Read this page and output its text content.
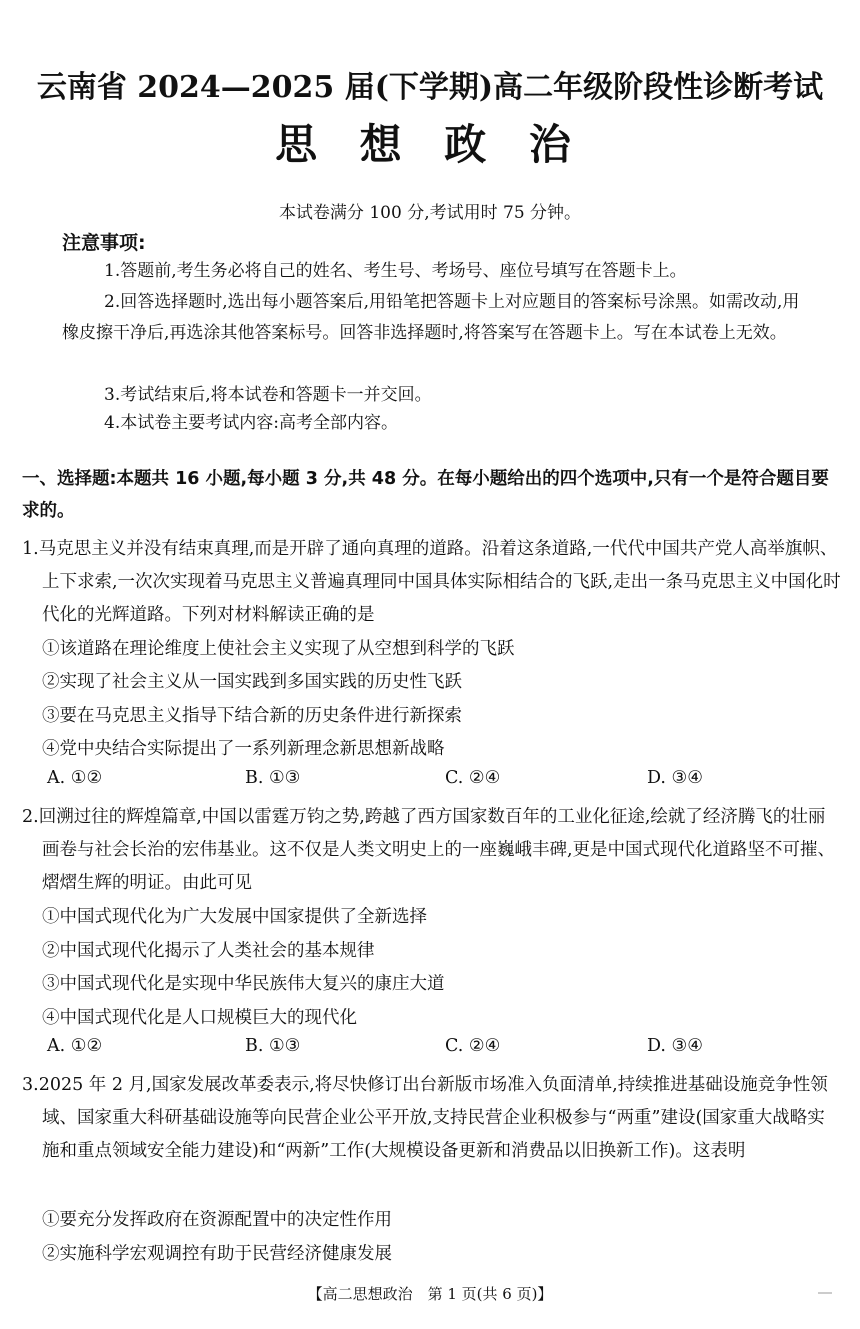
云南省 2024—2025 届(下学期)高二年级阶段性诊断考试
思 想 政 治
本试卷满分 100 分,考试用时 75 分钟。
注意事项:
1.答题前,考生务必将自己的姓名、考生号、考场号、座位号填写在答题卡上。
2.回答选择题时,选出每小题答案后,用铅笔把答题卡上对应题目的答案标号涂黑。如需改动,用橡皮擦干净后,再选涂其他答案标号。回答非选择题时,将答案写在答题卡上。写在本试卷上无效。
3.考试结束后,将本试卷和答题卡一并交回。
4.本试卷主要考试内容:高考全部内容。
一、选择题:本题共 16 小题,每小题 3 分,共 48 分。在每小题给出的四个选项中,只有一个是符合题目要求的。
1.马克思主义并没有结束真理,而是开辟了通向真理的道路。沿着这条道路,一代代中国共产党人高举旗帜、上下求索,一次次实现着马克思主义普遍真理同中国具体实际相结合的飞跃,走出一条马克思主义中国化时代化的光辉道路。下列对材料解读正确的是
①该道路在理论维度上使社会主义实现了从空想到科学的飞跃
②实现了社会主义从一国实践到多国实践的历史性飞跃
③要在马克思主义指导下结合新的历史条件进行新探索
④党中央结合实际提出了一系列新理念新思想新战略
A. ①②	B. ①③	C. ②④	D. ③④
2.回溯过往的辉煌篇章,中国以雷霆万钧之势,跨越了西方国家数百年的工业化征途,绘就了经济腾飞的壮丽画卷与社会长治的宏伟基业。这不仅是人类文明史上的一座巍峨丰碑,更是中国式现代化道路坚不可摧、熠熠生辉的明证。由此可见
①中国式现代化为广大发展中国家提供了全新选择
②中国式现代化揭示了人类社会的基本规律
③中国式现代化是实现中华民族伟大复兴的康庄大道
④中国式现代化是人口规模巨大的现代化
A. ①②	B. ①③	C. ②④	D. ③④
3.2025 年 2 月,国家发展改革委表示,将尽快修订出台新版市场准入负面清单,持续推进基础设施竞争性领域、国家重大科研基础设施等向民营企业公平开放,支持民营企业积极参与“两重”建设(国家重大战略实施和重点领域安全能力建设)和“两新”工作(大规模设备更新和消费品以旧换新工作)。这表明
①要充分发挥政府在资源配置中的决定性作用
②实施科学宏观调控有助于民营经济健康发展
【高二思想政治　第 1 页(共 6 页)】
